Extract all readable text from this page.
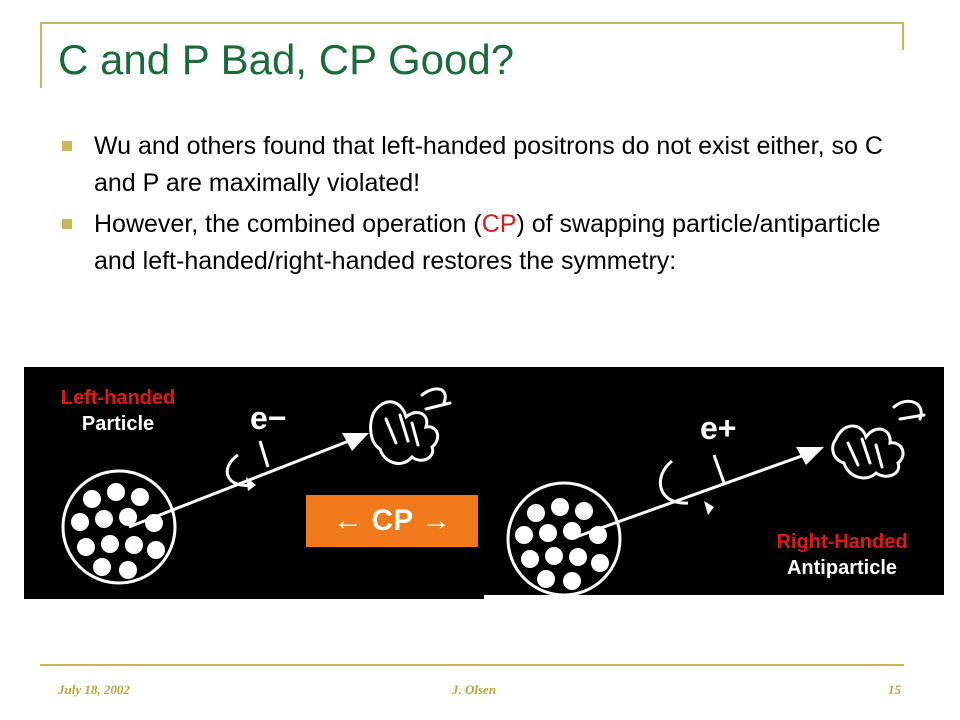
C and P Bad, CP Good?
Wu and others found that left-handed positrons do not exist either, so C and P are maximally violated!
However, the combined operation (CP) of swapping particle/antiparticle and left-handed/right-handed restores the symmetry:
e−	e+
Left-handed
Particle
Right-Handed
Antiparticle
← CP →
July 18, 2002	J. Olsen	15
